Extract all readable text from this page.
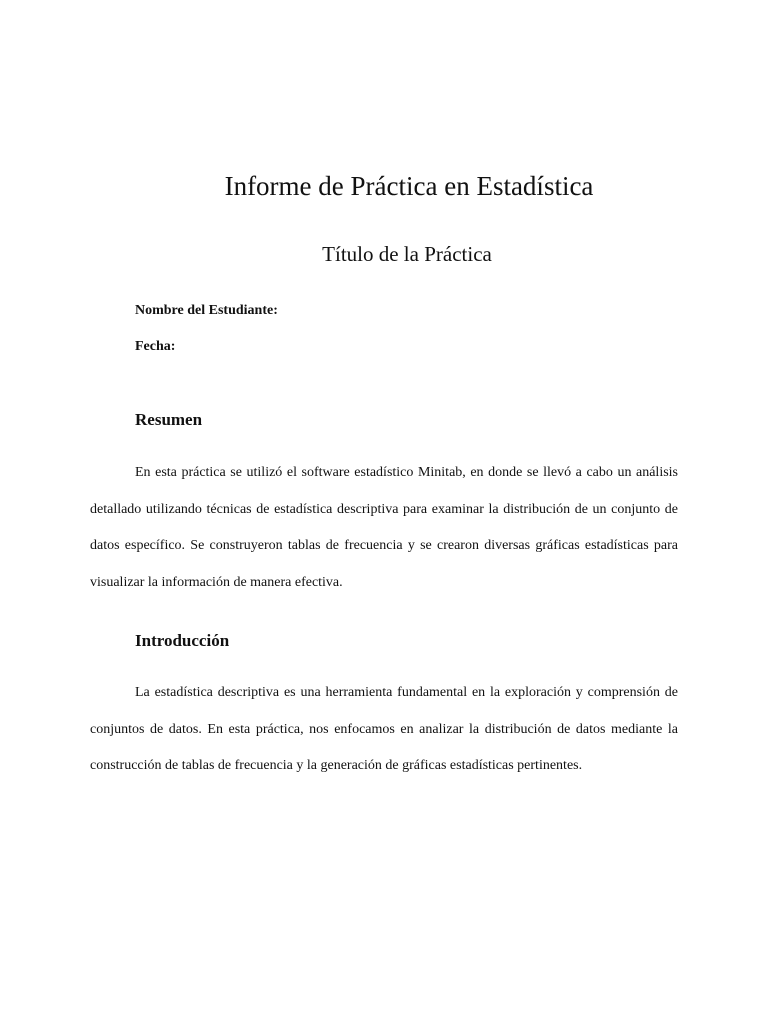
Informe de Práctica en Estadística
Título de la Práctica

Nombre del Estudiante:

Fecha:

Resumen

En esta práctica se utilizó el software estadístico Minitab, en donde se llevó a cabo un análisis detallado utilizando técnicas de estadística descriptiva para examinar la distribución de un conjunto de datos específico. Se construyeron tablas de frecuencia y se crearon diversas gráficas estadísticas para visualizar la información de manera efectiva.

Introducción

La estadística descriptiva es una herramienta fundamental en la exploración y comprensión de conjuntos de datos. En esta práctica, nos enfocamos en analizar la distribución de datos mediante la construcción de tablas de frecuencia y la generación de gráficas estadísticas pertinentes.
